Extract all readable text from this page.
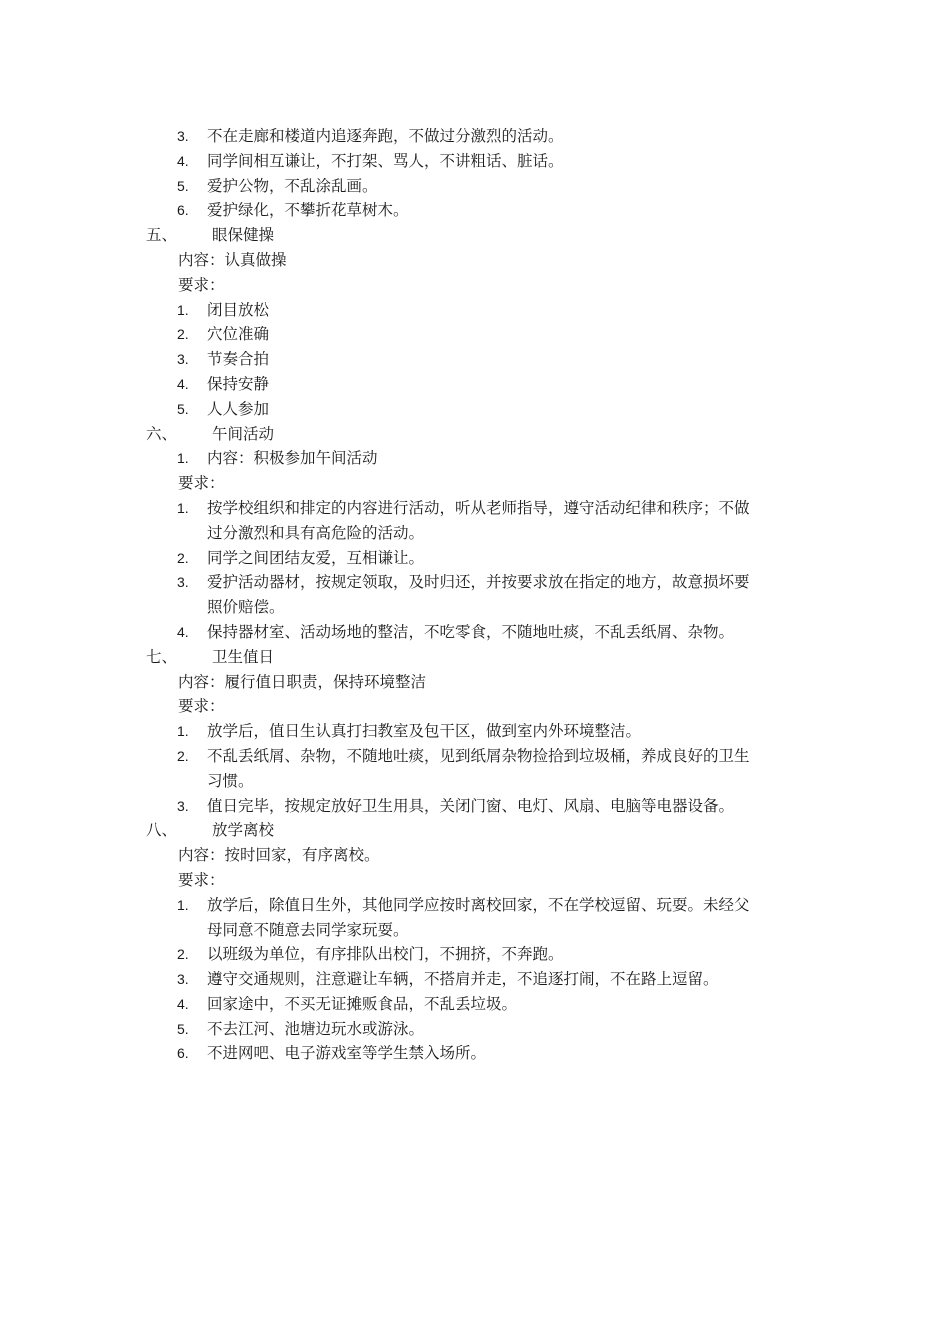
3. 不在走廊和楼道内追逐奔跑，不做过分激烈的活动。
4. 同学间相互谦让，不打架、骂人，不讲粗话、脏话。
5. 爱护公物，不乱涂乱画。
6. 爱护绿化，不攀折花草树木。
五、 眼保健操
内容：认真做操
要求：
1. 闭目放松
2. 穴位准确
3. 节奏合拍
4. 保持安静
5. 人人参加
六、 午间活动
1. 内容：积极参加午间活动
要求：
1. 按学校组织和排定的内容进行活动，听从老师指导，遵守活动纪律和秩序；不做
过分激烈和具有高危险的活动。
2. 同学之间团结友爱，互相谦让。
3. 爱护活动器材，按规定领取，及时归还，并按要求放在指定的地方，故意损坏要
照价赔偿。
4. 保持器材室、活动场地的整洁，不吃零食，不随地吐痰，不乱丢纸屑、杂物。
七、 卫生值日
内容：履行值日职责，保持环境整洁
要求：
1. 放学后，值日生认真打扫教室及包干区，做到室内外环境整洁。
2. 不乱丢纸屑、杂物，不随地吐痰，见到纸屑杂物捡拾到垃圾桶，养成良好的卫生
习惯。
3. 值日完毕，按规定放好卫生用具，关闭门窗、电灯、风扇、电脑等电器设备。
八、 放学离校
内容：按时回家，有序离校。
要求：
1. 放学后，除值日生外，其他同学应按时离校回家，不在学校逗留、玩耍。未经父
母同意不随意去同学家玩耍。
2. 以班级为单位，有序排队出校门，不拥挤，不奔跑。
3. 遵守交通规则，注意避让车辆，不搭肩并走，不追逐打闹，不在路上逗留。
4. 回家途中，不买无证摊贩食品，不乱丢垃圾。
5. 不去江河、池塘边玩水或游泳。
6. 不进网吧、电子游戏室等学生禁入场所。
